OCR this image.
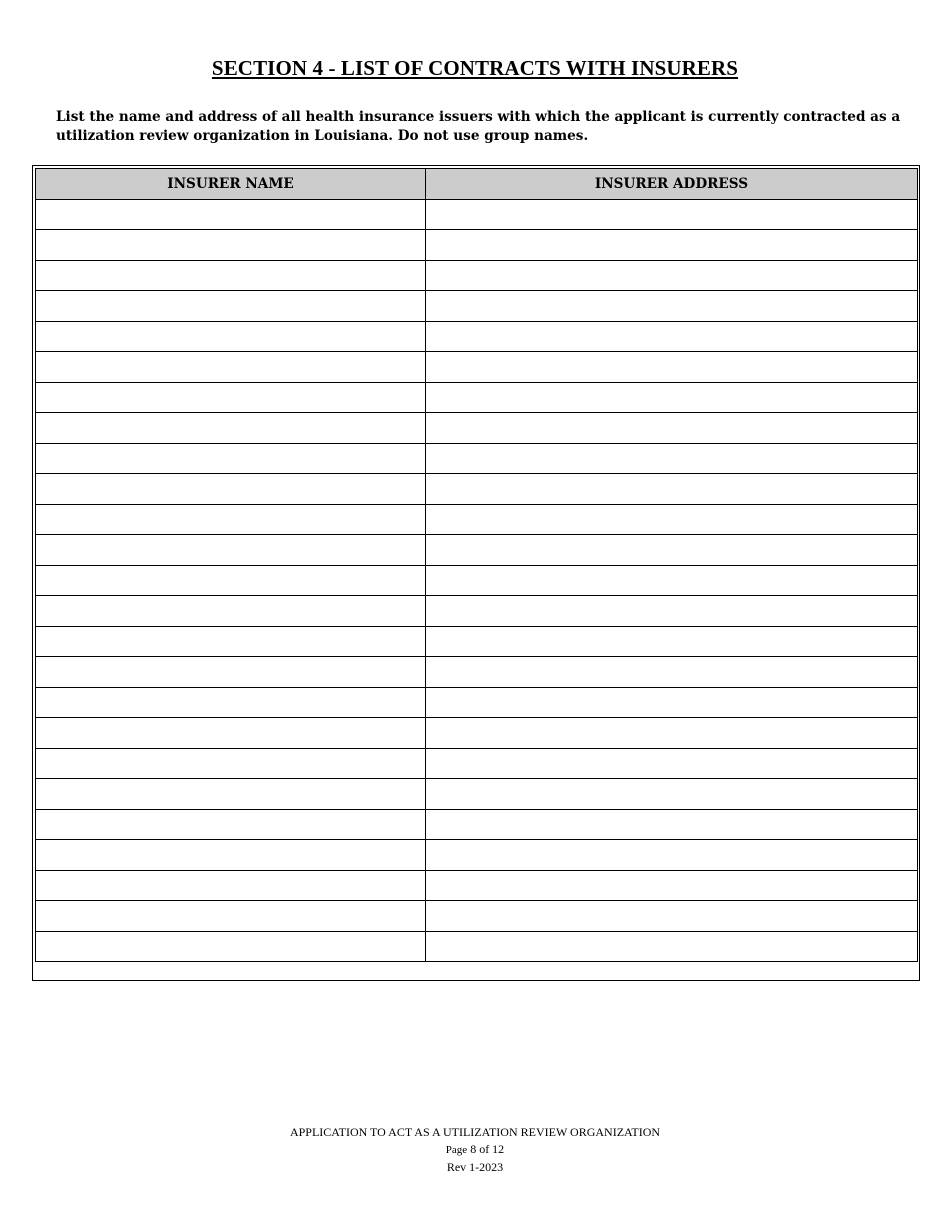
SECTION 4 - LIST OF CONTRACTS WITH INSURERS
List the name and address of all health insurance issuers with which the applicant is currently contracted as a utilization review organization in Louisiana. Do not use group names.
INSURER NAME	INSURER ADDRESS

APPLICATION TO ACT AS A UTILIZATION REVIEW ORGANIZATION
Page 8 of 12
Rev 1-2023
